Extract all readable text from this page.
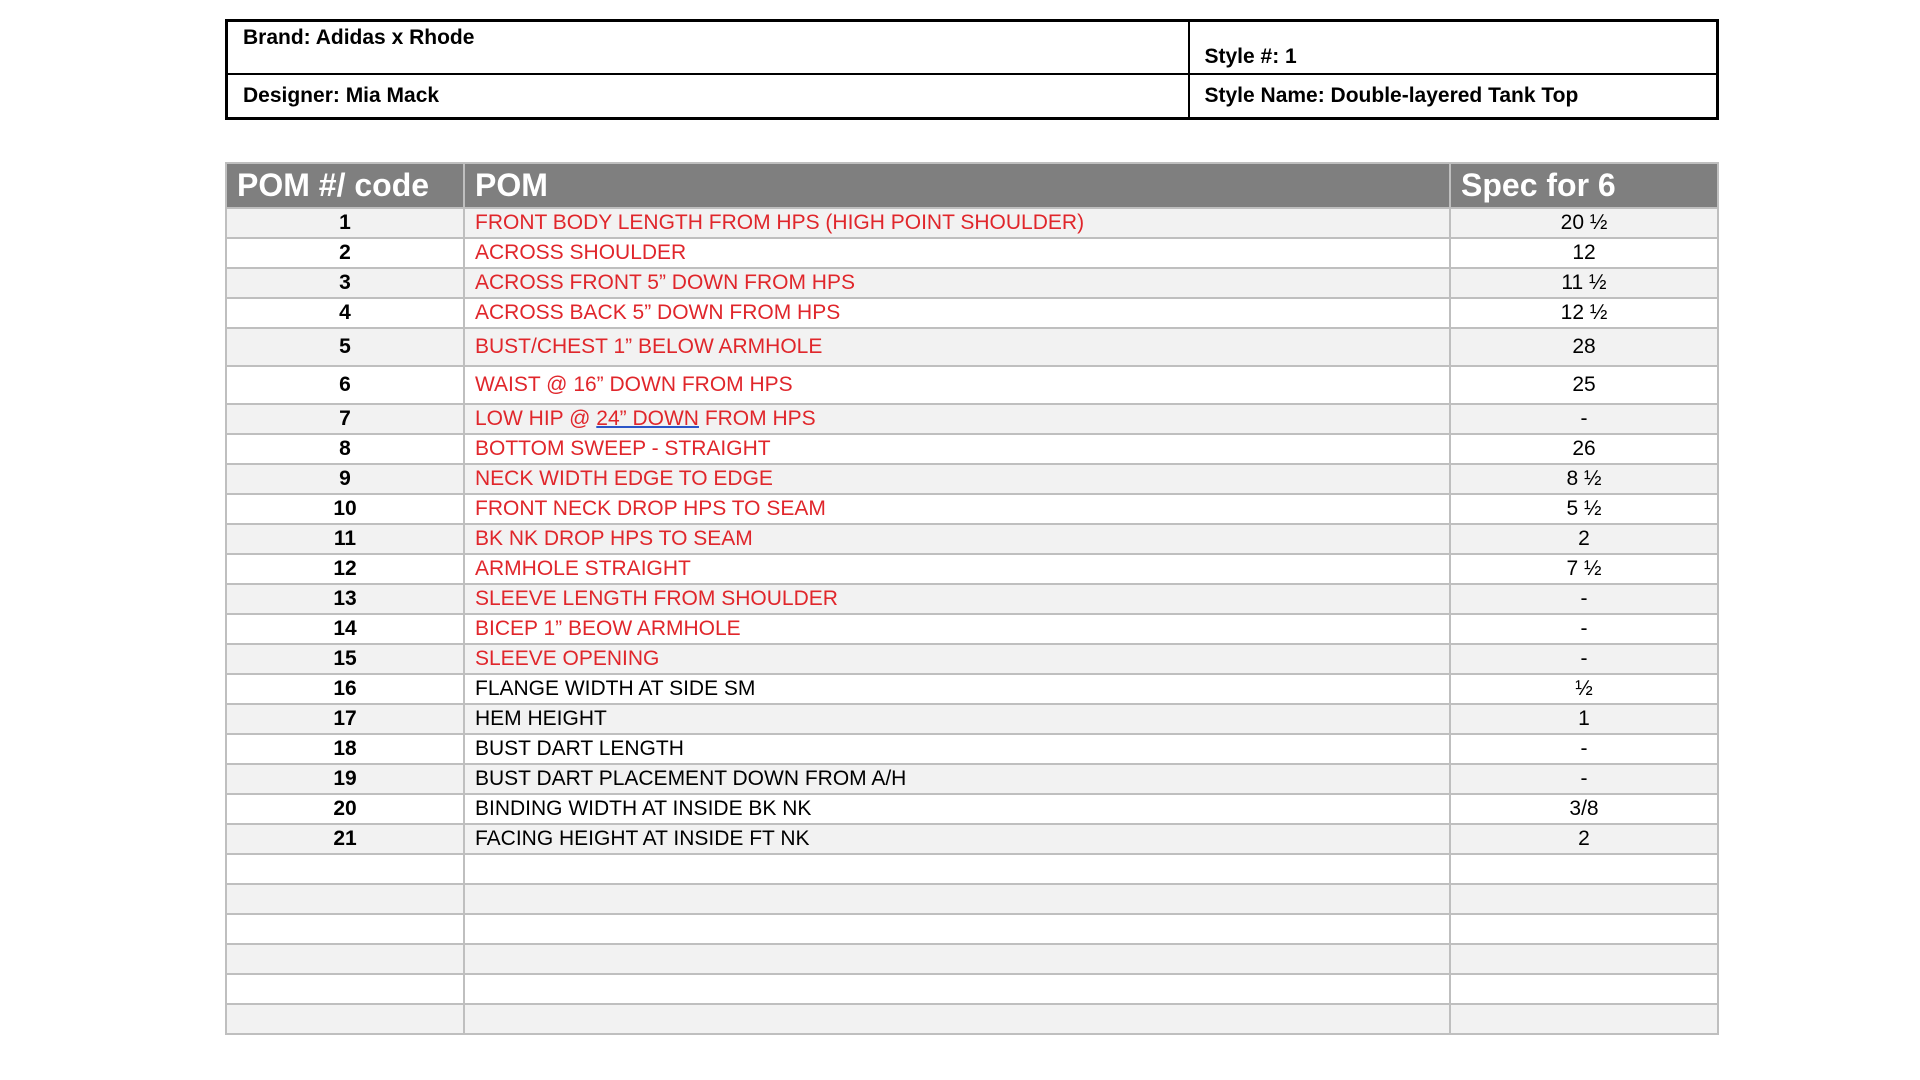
Brand: Adidas x Rhode	Style #: 1
Designer: Mia Mack	Style Name: Double-layered Tank Top
POM #/ code	POM	Spec for 6
1	FRONT BODY LENGTH FROM HPS (HIGH POINT SHOULDER)	20 ½
2	ACROSS SHOULDER	12
3	ACROSS FRONT 5” DOWN FROM HPS	11 ½
4	ACROSS BACK 5” DOWN FROM HPS	12 ½
5	BUST/CHEST 1” BELOW ARMHOLE	28
6	WAIST @ 16” DOWN FROM HPS	25
7	LOW HIP @ 24” DOWN FROM HPS	-
8	BOTTOM SWEEP - STRAIGHT	26
9	NECK WIDTH EDGE TO EDGE	8 ½
10	FRONT NECK DROP HPS TO SEAM	5 ½
11	BK NK DROP HPS TO SEAM	2
12	ARMHOLE STRAIGHT	7 ½
13	SLEEVE LENGTH FROM SHOULDER	-
14	BICEP 1” BEOW ARMHOLE	-
15	SLEEVE OPENING	-
16	FLANGE WIDTH AT SIDE SM	½
17	HEM HEIGHT	1
18	BUST DART LENGTH	-
19	BUST DART PLACEMENT DOWN FROM A/H	-
20	BINDING WIDTH AT INSIDE BK NK	3/8
21	FACING HEIGHT AT INSIDE FT NK	2
